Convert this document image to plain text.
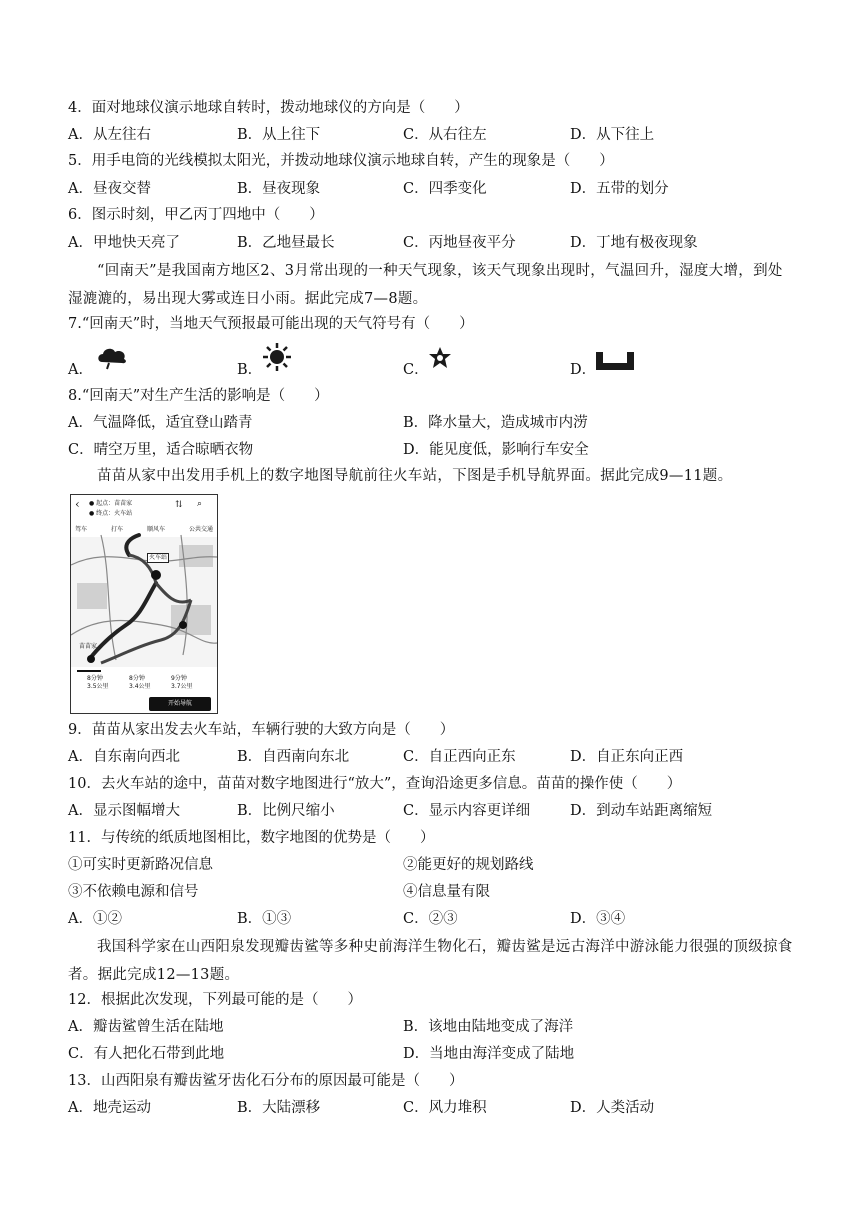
4．面对地球仪演示地球自转时，拨动地球仪的方向是（　　）
A．从左往右	B．从上往下	C．从右往左	D．从下往上
5．用手电筒的光线模拟太阳光，并拨动地球仪演示地球自转，产生的现象是（　　）
A．昼夜交替	B．昼夜现象	C．四季变化	D．五带的划分
6．图示时刻，甲乙丙丁四地中（　　）
A．甲地快天亮了	B．乙地昼最长	C．丙地昼夜平分	D．丁地有极夜现象
“回南天”是我国南方地区2、3月常出现的一种天气现象，该天气现象出现时，气温回升，湿度大增，到处湿漉漉的，易出现大雾或连日小雨。据此完成7—8题。
7.“回南天”时，当地天气预报最可能出现的天气符号有（　　）
A．	B．	C．	D．
8.“回南天”对生产生活的影响是（　　）
A．气温降低，适宜登山踏青	B．降水量大，造成城市内涝
C．晴空万里，适合晾晒衣物	D．能见度低，影响行车安全
苗苗从家中出发用手机上的数字地图导航前往火车站，下图是手机导航界面。据此完成9—11题。
‹ ● 起点：苗苗家
● 终点：火车站
⇅ ⌕
驾车	打车	顺风车	公共交通
火车站
苗苗家
8分钟
3.5公里
8分钟
3.4公里
9分钟
3.7公里
开始导航
9．苗苗从家出发去火车站，车辆行驶的大致方向是（　　）
A．自东南向西北	B．自西南向东北	C．自正西向正东	D．自正东向正西
10．去火车站的途中，苗苗对数字地图进行“放大”，查询沿途更多信息。苗苗的操作使（　　）
A．显示图幅增大	B．比例尺缩小	C．显示内容更详细	D．到动车站距离缩短
11．与传统的纸质地图相比，数字地图的优势是（　　）
①可实时更新路况信息	②能更好的规划路线
③不依赖电源和信号	④信息量有限
A．①②	B．①③	C．②③	D．③④
我国科学家在山西阳泉发现瓣齿鲨等多种史前海洋生物化石，瓣齿鲨是远古海洋中游泳能力很强的顶级掠食者。据此完成12—13题。
12．根据此次发现，下列最可能的是（　　）
A．瓣齿鲨曾生活在陆地	B．该地由陆地变成了海洋
C．有人把化石带到此地	D．当地由海洋变成了陆地
13．山西阳泉有瓣齿鲨牙齿化石分布的原因最可能是（　　）
A．地壳运动	B．大陆漂移	C．风力堆积	D．人类活动
